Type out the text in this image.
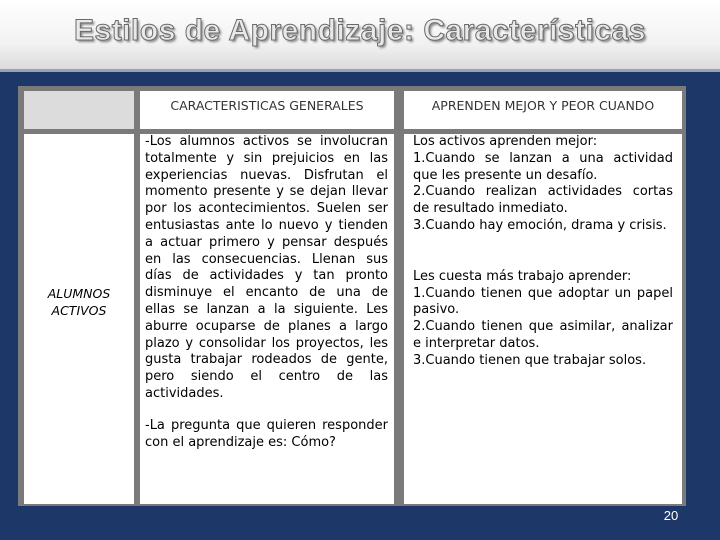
Estilos de Aprendizaje: Características
CARACTERISTICAS GENERALES	APRENDEN MEJOR Y PEOR CUANDO
ALUMNOS ACTIVOS

-Los alumnos activos se involucran totalmente y sin prejuicios en las experiencias nuevas. Disfrutan el momento presente y se dejan llevar por los acontecimientos. Suelen ser entusiastas ante lo nuevo y tienden a actuar primero y pensar después en las consecuencias. Llenan sus días de actividades y tan pronto disminuye el encanto de una de ellas se lanzan a la siguiente. Les aburre ocuparse de planes a largo plazo y consolidar los proyectos, les gusta trabajar rodeados de gente, pero siendo el centro de las actividades.

-La pregunta que quieren responder con el aprendizaje es: Cómo?

Los activos aprenden mejor:

1.Cuando se lanzan a una actividad que les presente un desafío.

2.Cuando realizan actividades cortas de resultado inmediato.

3.Cuando hay emoción, drama y crisis.

Les cuesta más trabajo aprender:

1.Cuando tienen que adoptar un papel pasivo.

2.Cuando tienen que asimilar, analizar e interpretar datos.

3.Cuando tienen que trabajar solos.

20
